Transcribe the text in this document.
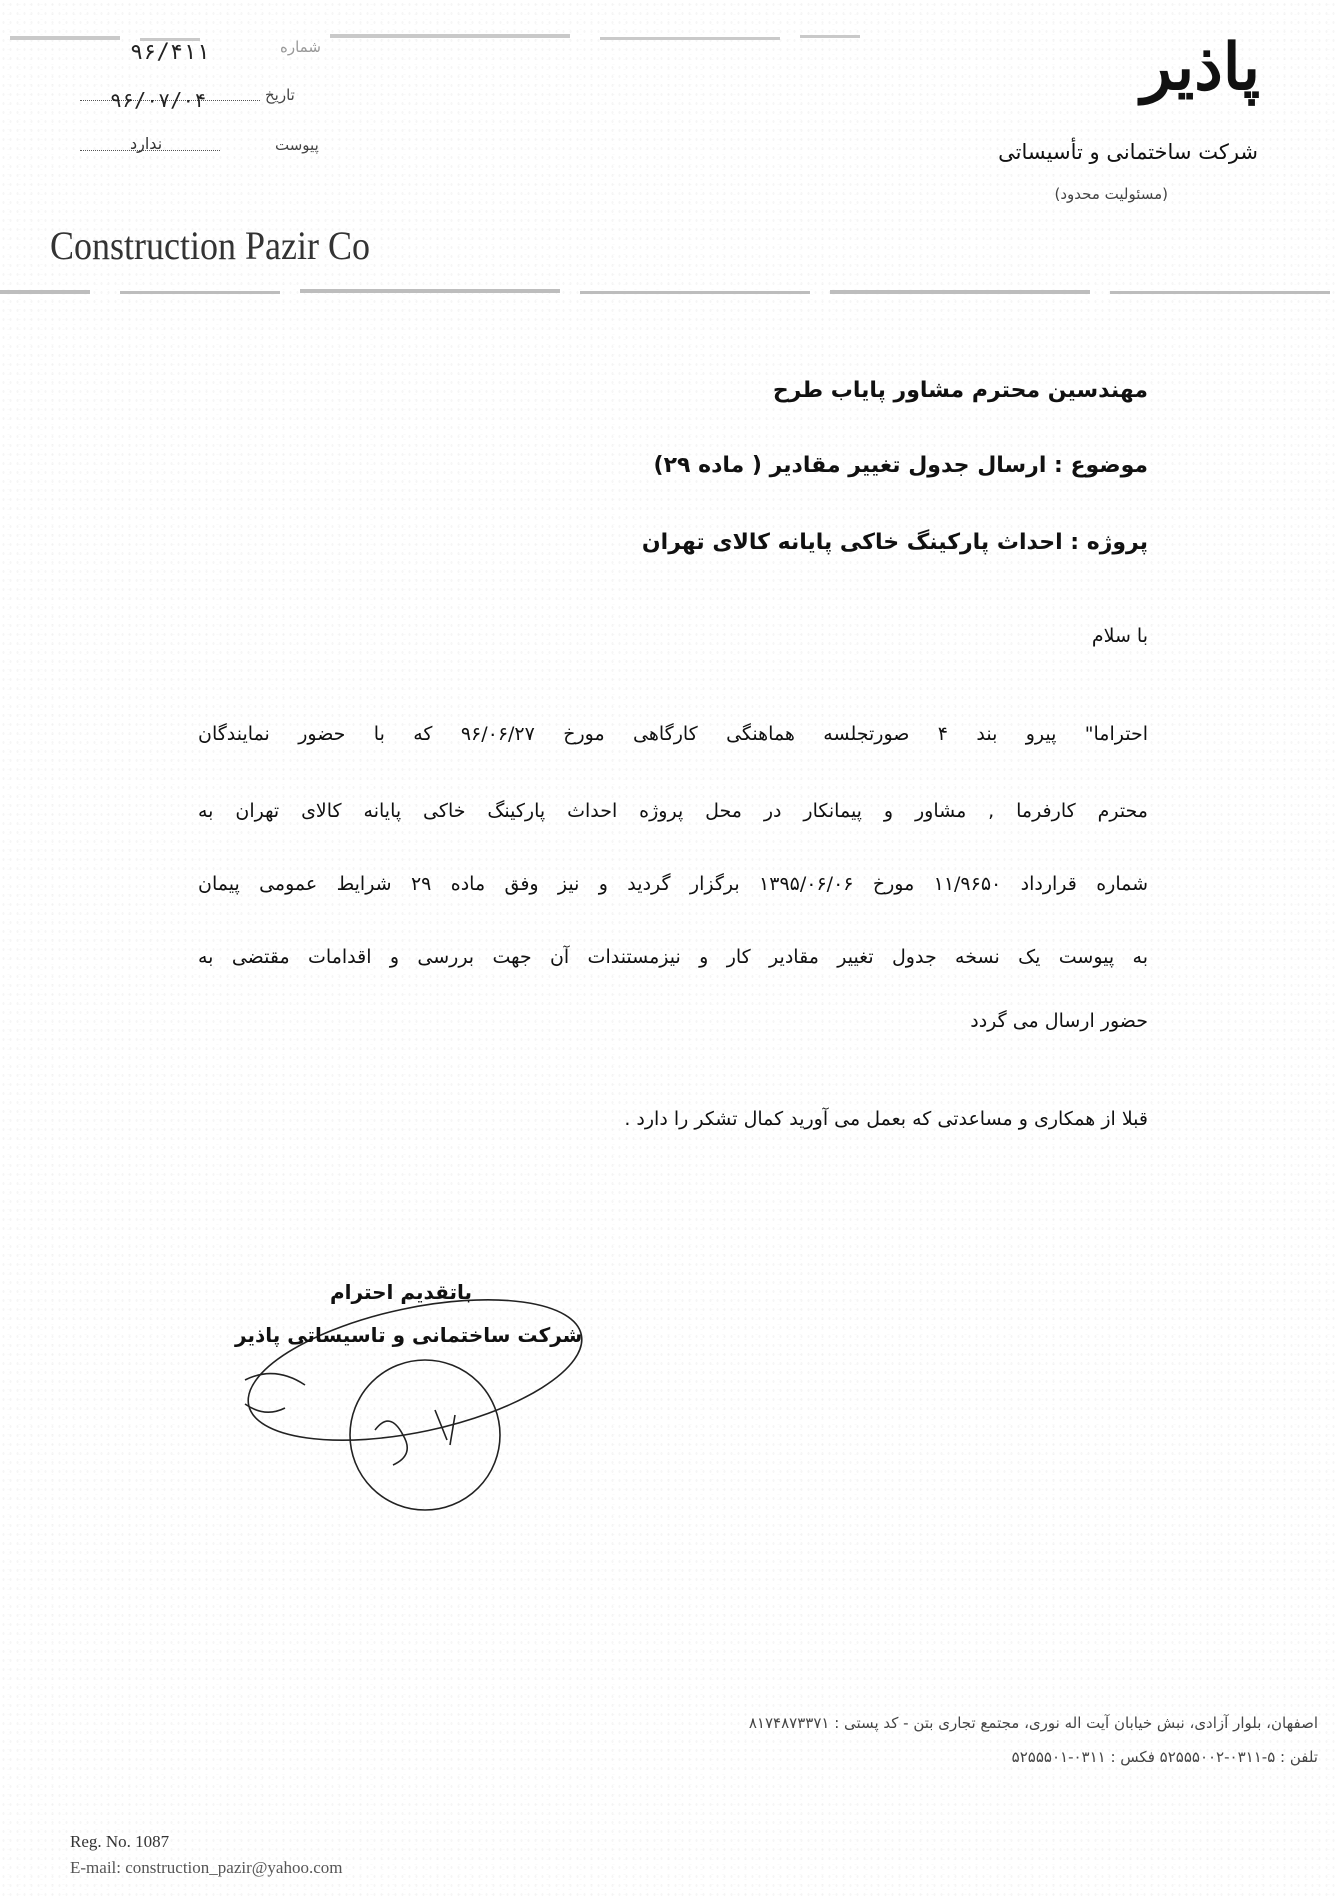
پاذیر
شرکت ساختمانی و تأسیساتی
(مسئولیت محدود)
Construction Pazir Co
۹۶/۴۱۱	شماره
۹۶/۰۷/۰۴	تاریخ
ندارد	پیوست
مهندسین محترم مشاور پایاب طرح
موضوع : ارسال جدول تغییر مقادیر ( ماده ۲۹)
پروژه : احداث پارکینگ خاکی پایانه کالای تهران
با سلام
احتراما" پیرو بند ۴ صورتجلسه هماهنگی کارگاهی مورخ ۹۶/۰۶/۲۷ که با حضور نمایندگان
محترم کارفرما , مشاور و پیمانکار در محل پروژه احداث پارکینگ خاکی پایانه کالای تهران به
شماره قرارداد ۱۱/۹۶۵۰ مورخ ۱۳۹۵/۰۶/۰۶ برگزار گردید و نیز وفق ماده ۲۹ شرایط عمومی پیمان
به پیوست یک نسخه جدول تغییر مقادیر کار و نیزمستندات آن جهت بررسی و اقدامات مقتضی به
حضور ارسال می گردد
قبلا از همکاری و مساعدتی که بعمل می آورید کمال تشکر را دارد .
باتقدیم احترام
شرکت ساختمانی و تاسیساتی پاذیر
اصفهان، بلوار آزادی، نبش خیابان آیت اله نوری، مجتمع تجاری بتن - کد پستی : ۸۱۷۴۸۷۳۳۷۱
تلفن : ۵-۰۳۱۱-۵۲۵۵۵۰۰۲ فکس : ۰۳۱۱-۵۲۵۵۵۰۱
Reg. No. 1087
E-mail: construction_pazir@yahoo.com
